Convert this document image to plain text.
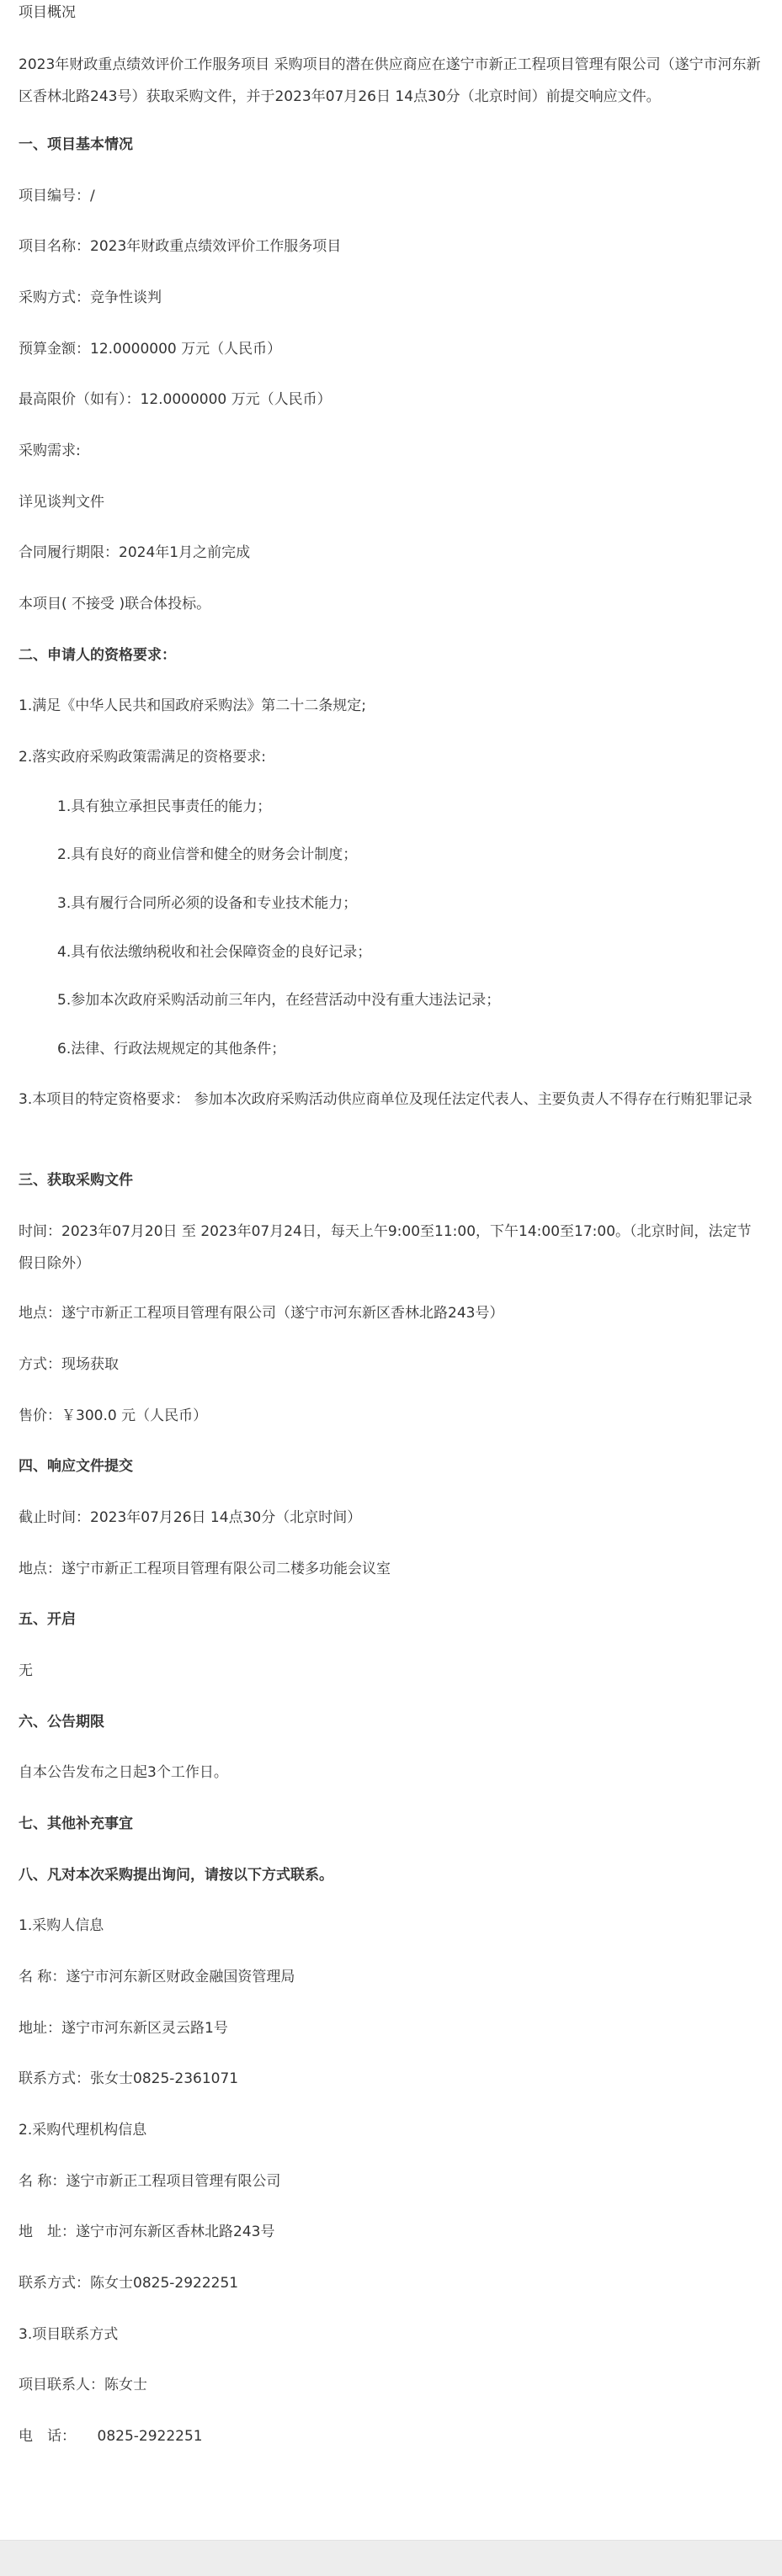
项目概况
2023年财政重点绩效评价工作服务项目 采购项目的潜在供应商应在遂宁市新正工程项目管理有限公司（遂宁市河东新区香林北路243号）获取采购文件，并于2023年07月26日 14点30分（北京时间）前提交响应文件。
一、项目基本情况
项目编号：/
项目名称：2023年财政重点绩效评价工作服务项目
采购方式：竞争性谈判
预算金额：12.0000000 万元（人民币）
最高限价（如有）：12.0000000 万元（人民币）
采购需求:
详见谈判文件
合同履行期限：2024年1月之前完成
本项目( 不接受 )联合体投标。
二、申请人的资格要求：
1.满足《中华人民共和国政府采购法》第二十二条规定;
2.落实政府采购政策需满足的资格要求:
1.具有独立承担民事责任的能力；
2.具有良好的商业信誉和健全的财务会计制度；
3.具有履行合同所必须的设备和专业技术能力；
4.具有依法缴纳税收和社会保障资金的良好记录；
5.参加本次政府采购活动前三年内，在经营活动中没有重大违法记录；
6.法律、行政法规规定的其他条件；
3.本项目的特定资格要求： 参加本次政府采购活动供应商单位及现任法定代表人、主要负责人不得存在行贿犯罪记录
三、获取采购文件
时间：2023年07月20日 至 2023年07月24日，每天上午9:00至11:00，下午14:00至17:00。（北京时间，法定节假日除外）
地点：遂宁市新正工程项目管理有限公司（遂宁市河东新区香林北路243号）
方式：现场获取
售价：￥300.0 元（人民币）
四、响应文件提交
截止时间：2023年07月26日 14点30分（北京时间）
地点：遂宁市新正工程项目管理有限公司二楼多功能会议室
五、开启
无
六、公告期限
自本公告发布之日起3个工作日。
七、其他补充事宜
八、凡对本次采购提出询问，请按以下方式联系。
1.采购人信息
名 称：遂宁市河东新区财政金融国资管理局
地址：遂宁市河东新区灵云路1号
联系方式：张女士0825-2361071
2.采购代理机构信息
名 称：遂宁市新正工程项目管理有限公司
地　址：遂宁市河东新区香林北路243号
联系方式：陈女士0825-2922251
3.项目联系方式
项目联系人：陈女士
电　话：　　0825-2922251
